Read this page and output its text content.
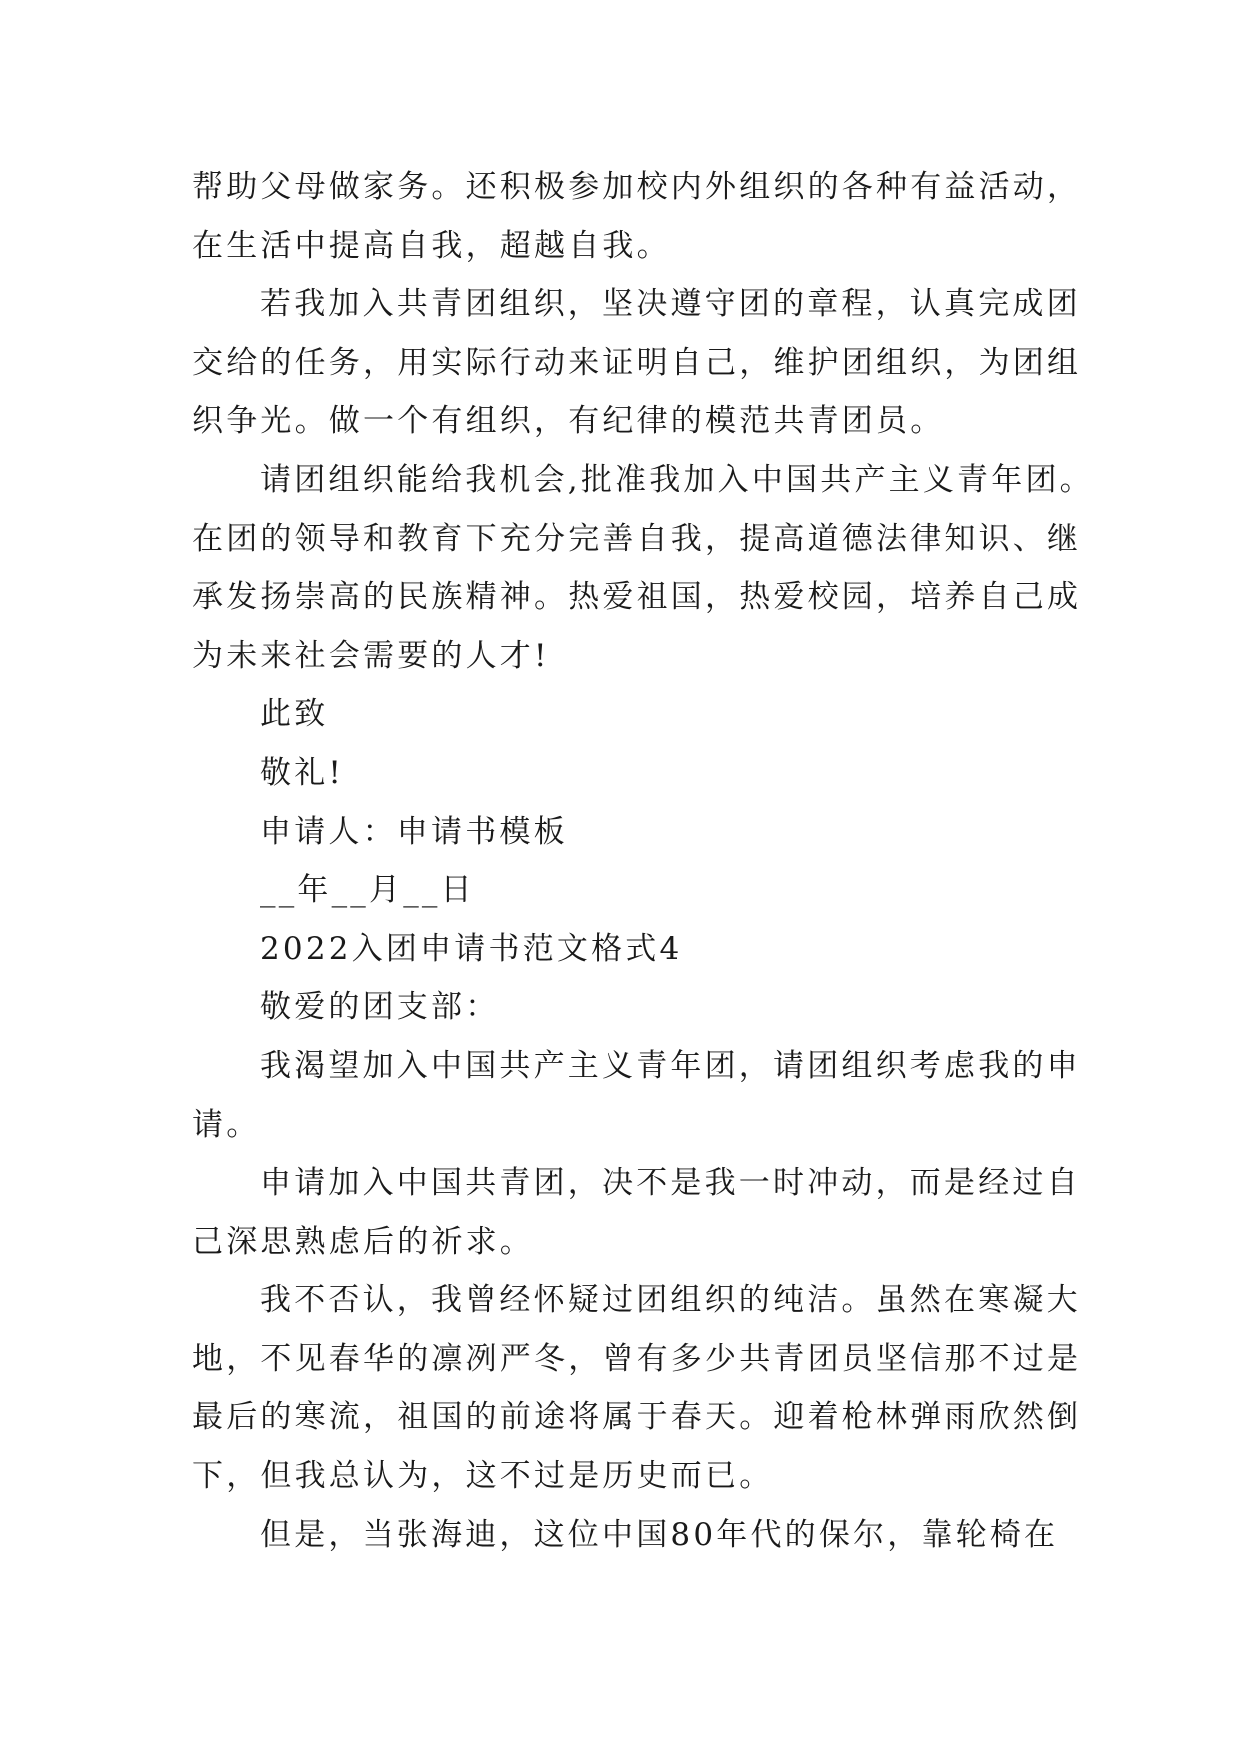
帮助父母做家务。还积极参加校内外组织的各种有益活动，
在生活中提高自我，超越自我。

若我加入共青团组织，坚决遵守团的章程，认真完成团
交给的任务，用实际行动来证明自己，维护团组织，为团组
织争光。做一个有组织，有纪律的模范共青团员。

请团组织能给我机会,批准我加入中国共产主义青年团。
在团的领导和教育下充分完善自我，提高道德法律知识、继
承发扬崇高的民族精神。热爱祖国，热爱校园，培养自己成
为未来社会需要的人才!

此致

敬礼!

申请人：申请书模板

__年__月__日

2022入团申请书范文格式4

敬爱的团支部：

我渴望加入中国共产主义青年团，请团组织考虑我的申
请。

申请加入中国共青团，决不是我一时冲动，而是经过自
己深思熟虑后的祈求。

我不否认，我曾经怀疑过团组织的纯洁。虽然在寒凝大
地，不见春华的凛冽严冬，曾有多少共青团员坚信那不过是
最后的寒流，祖国的前途将属于春天。迎着枪林弹雨欣然倒
下，但我总认为，这不过是历史而已。

但是，当张海迪，这位中国80年代的保尔，靠轮椅在
